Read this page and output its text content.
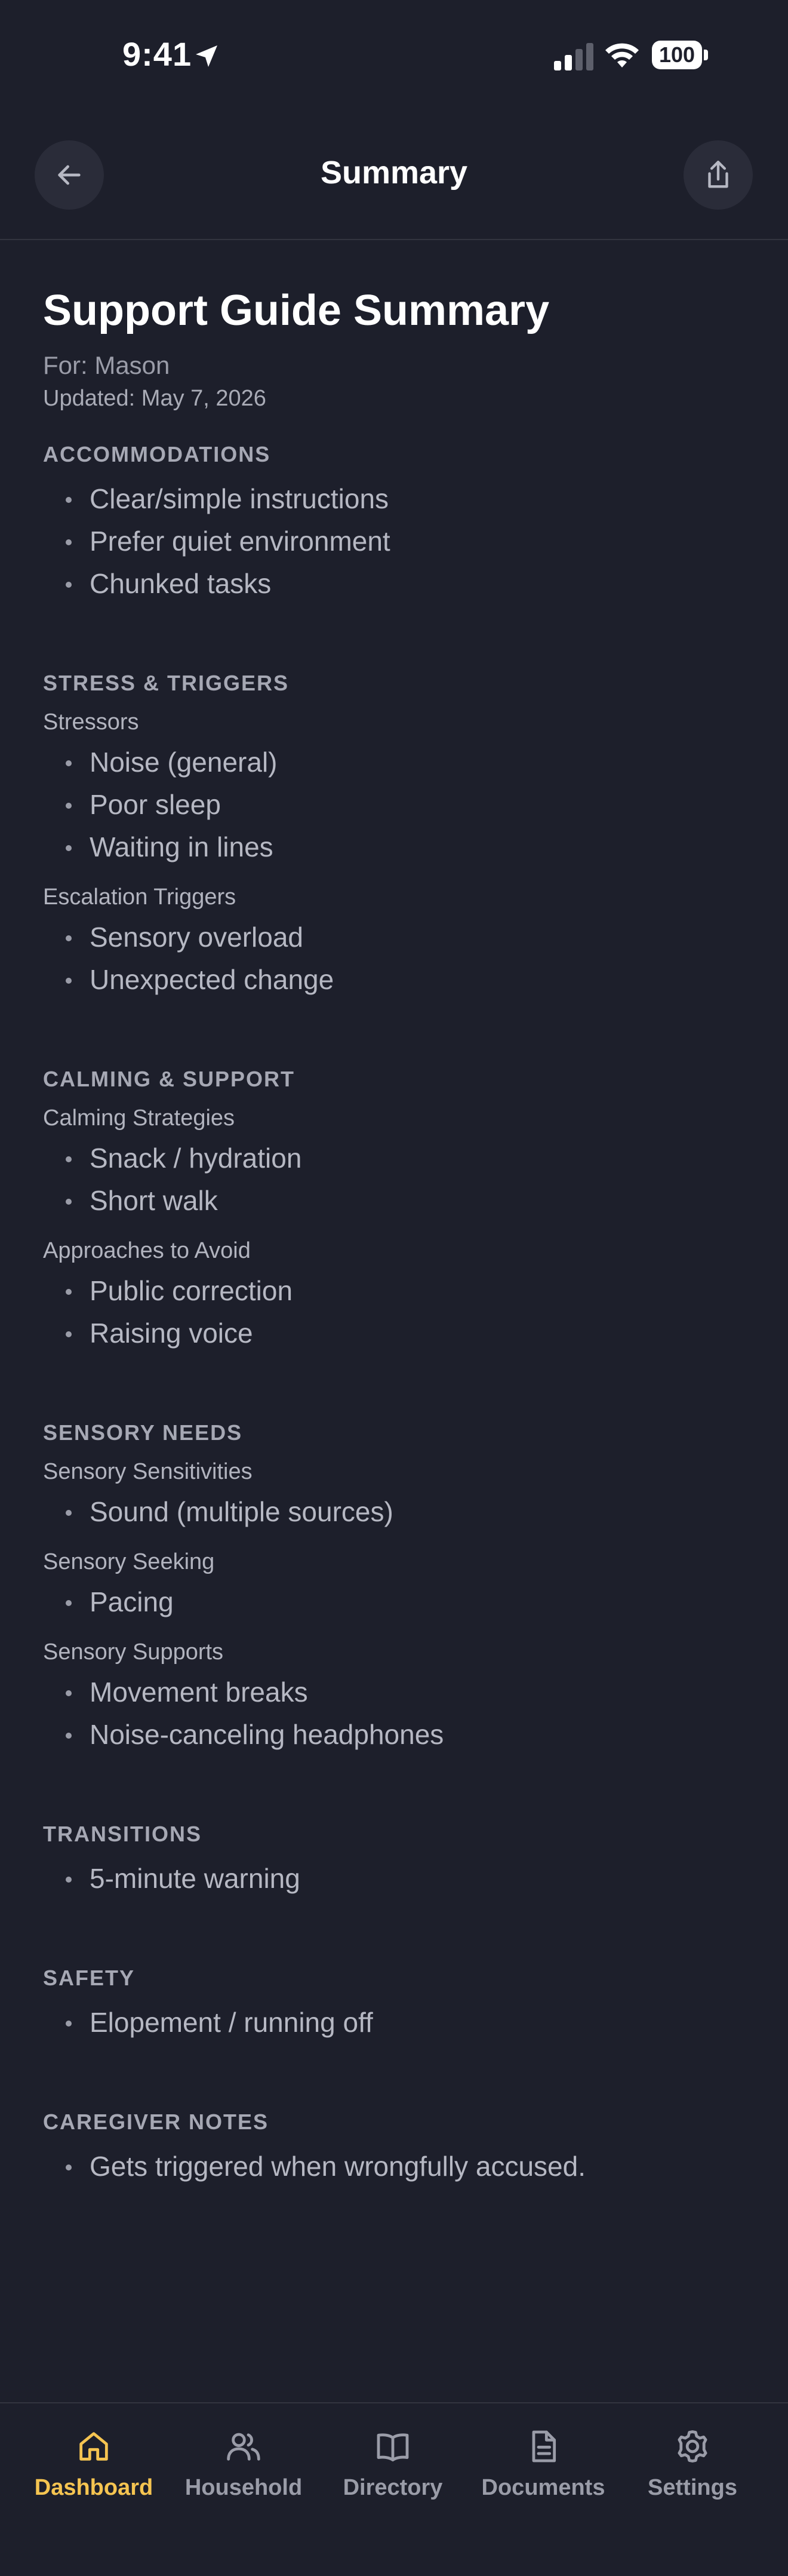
9:41	100
Summary
Support Guide Summary
For: Mason
Updated: May 7, 2026
ACCOMMODATIONS
Clear/simple instructions
Prefer quiet environment
Chunked tasks
STRESS & TRIGGERS
Stressors
Noise (general)
Poor sleep
Waiting in lines
Escalation Triggers
Sensory overload
Unexpected change
CALMING & SUPPORT
Calming Strategies
Snack / hydration
Short walk
Approaches to Avoid
Public correction
Raising voice
SENSORY NEEDS
Sensory Sensitivities
Sound (multiple sources)
Sensory Seeking
Pacing
Sensory Supports
Movement breaks
Noise-canceling headphones
TRANSITIONS
5-minute warning
SAFETY
Elopement / running off
CAREGIVER NOTES
Gets triggered when wrongfully accused.
Dashboard	Household	Directory	Documents	Settings
